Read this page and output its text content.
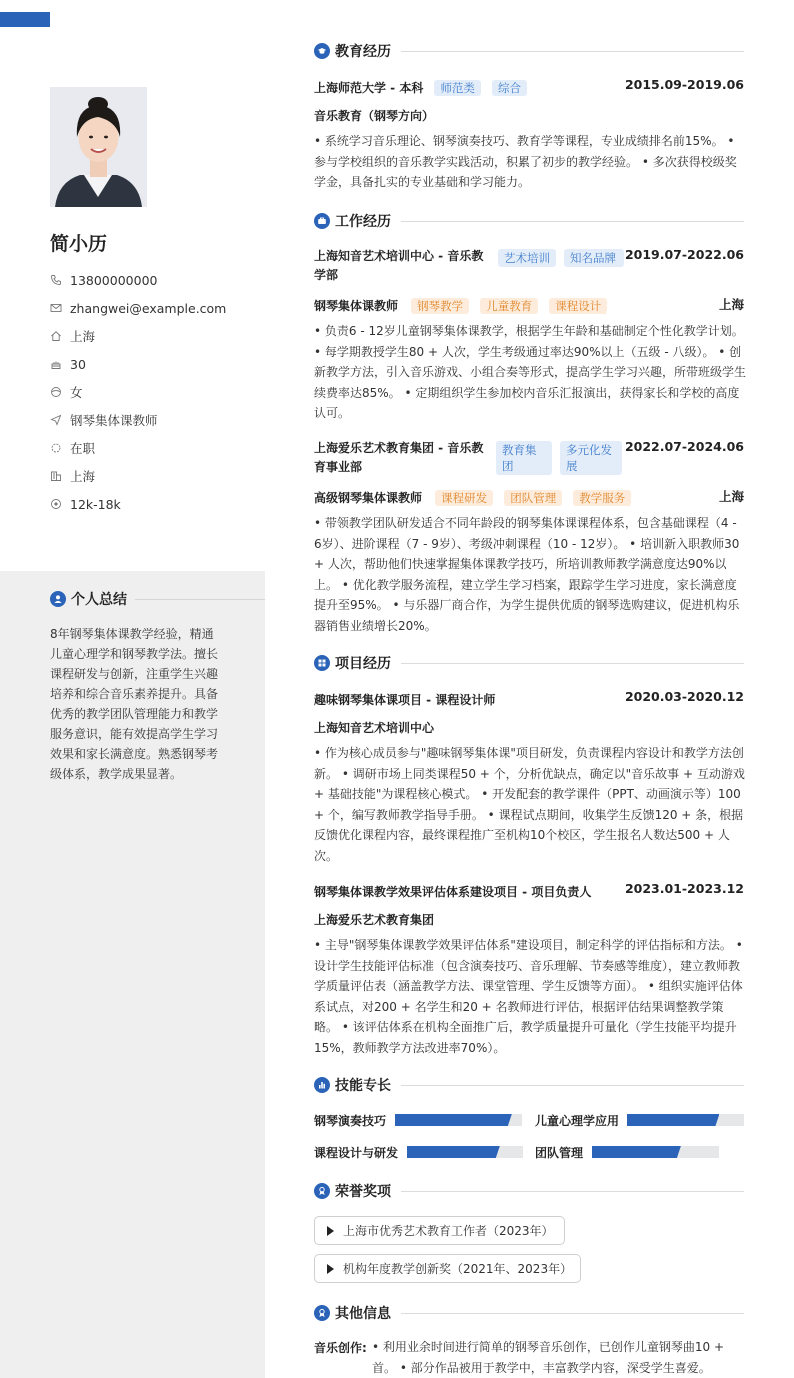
简小历
13800000000
zhangwei@example.com
上海
30
女
钢琴集体课教师
在职
上海
12k-18k
个人总结
8年钢琴集体课教学经验，精通儿童心理学和钢琴教学法。擅长课程研发与创新，注重学生兴趣培养和综合音乐素养提升。具备优秀的教学团队管理能力和教学服务意识，能有效提高学生学习效果和家长满意度。熟悉钢琴考级体系，教学成果显著。
教育经历
上海师范大学 - 本科 师范类 综合	2015.09-2019.06
音乐教育（钢琴方向）
• 系统学习音乐理论、钢琴演奏技巧、教育学等课程，专业成绩排名前15%。 • 参与学校组织的音乐教学实践活动，积累了初步的教学经验。 • 多次获得校级奖学金，具备扎实的专业基础和学习能力。
工作经历
上海知音艺术培训中心 - 音乐教学部
艺术培训	知名品牌 2019.07-2022.06
钢琴集体课教师 钢琴教学 儿童教育 课程设计	上海
• 负责6 - 12岁儿童钢琴集体课教学，根据学生年龄和基础制定个性化教学计划。 • 每学期教授学生80 + 人次，学生考级通过率达90%以上（五级 - 八级）。 • 创新教学方法，引入音乐游戏、小组合奏等形式，提高学生学习兴趣，所带班级学生续费率达85%。 • 定期组织学生参加校内音乐汇报演出，获得家长和学校的高度认可。
上海爱乐艺术教育集团 - 音乐教育事业部
教育集团
多元化发展
2022.07-2024.06
高级钢琴集体课教师 课程研发 团队管理 教学服务	上海
• 带领教学团队研发适合不同年龄段的钢琴集体课课程体系，包含基础课程（4 - 6岁）、进阶课程（7 - 9岁）、考级冲刺课程（10 - 12岁）。 • 培训新入职教师30 + 人次，帮助他们快速掌握集体课教学技巧，所培训教师教学满意度达90%以上。 • 优化教学服务流程，建立学生学习档案，跟踪学生学习进度，家长满意度提升至95%。 • 与乐器厂商合作，为学生提供优质的钢琴选购建议，促进机构乐器销售业绩增长20%。
项目经历
趣味钢琴集体课项目 - 课程设计师	2020.03-2020.12
上海知音艺术培训中心
• 作为核心成员参与"趣味钢琴集体课"项目研发，负责课程内容设计和教学方法创新。 • 调研市场上同类课程50 + 个，分析优缺点，确定以"音乐故事 + 互动游戏 + 基础技能"为课程核心模式。 • 开发配套的教学课件（PPT、动画演示等）100 + 个，编写教师教学指导手册。 • 课程试点期间，收集学生反馈120 + 条，根据反馈优化课程内容，最终课程推广至机构10个校区，学生报名人数达500 + 人次。
钢琴集体课教学效果评估体系建设项目 - 项目负责人	2023.01-2023.12
上海爱乐艺术教育集团
• 主导"钢琴集体课教学效果评估体系"建设项目，制定科学的评估指标和方法。 • 设计学生技能评估标准（包含演奏技巧、音乐理解、节奏感等维度），建立教师教学质量评估表（涵盖教学方法、课堂管理、学生反馈等方面）。 • 组织实施评估体系试点，对200 + 名学生和20 + 名教师进行评估，根据评估结果调整教学策略。 • 该评估体系在机构全面推广后，教学质量提升可量化（学生技能平均提升15%，教师教学方法改进率70%）。
技能专长
钢琴演奏技巧	儿童心理学应用
课程设计与研发	团队管理
荣誉奖项
上海市优秀艺术教育工作者（2023年）
机构年度教学创新奖（2021年、2023年）
其他信息
音乐创作: • 利用业余时间进行简单的钢琴音乐创作，已创作儿童钢琴曲10 + 首。 • 部分作品被用于教学中，丰富教学内容，深受学生喜爱。
